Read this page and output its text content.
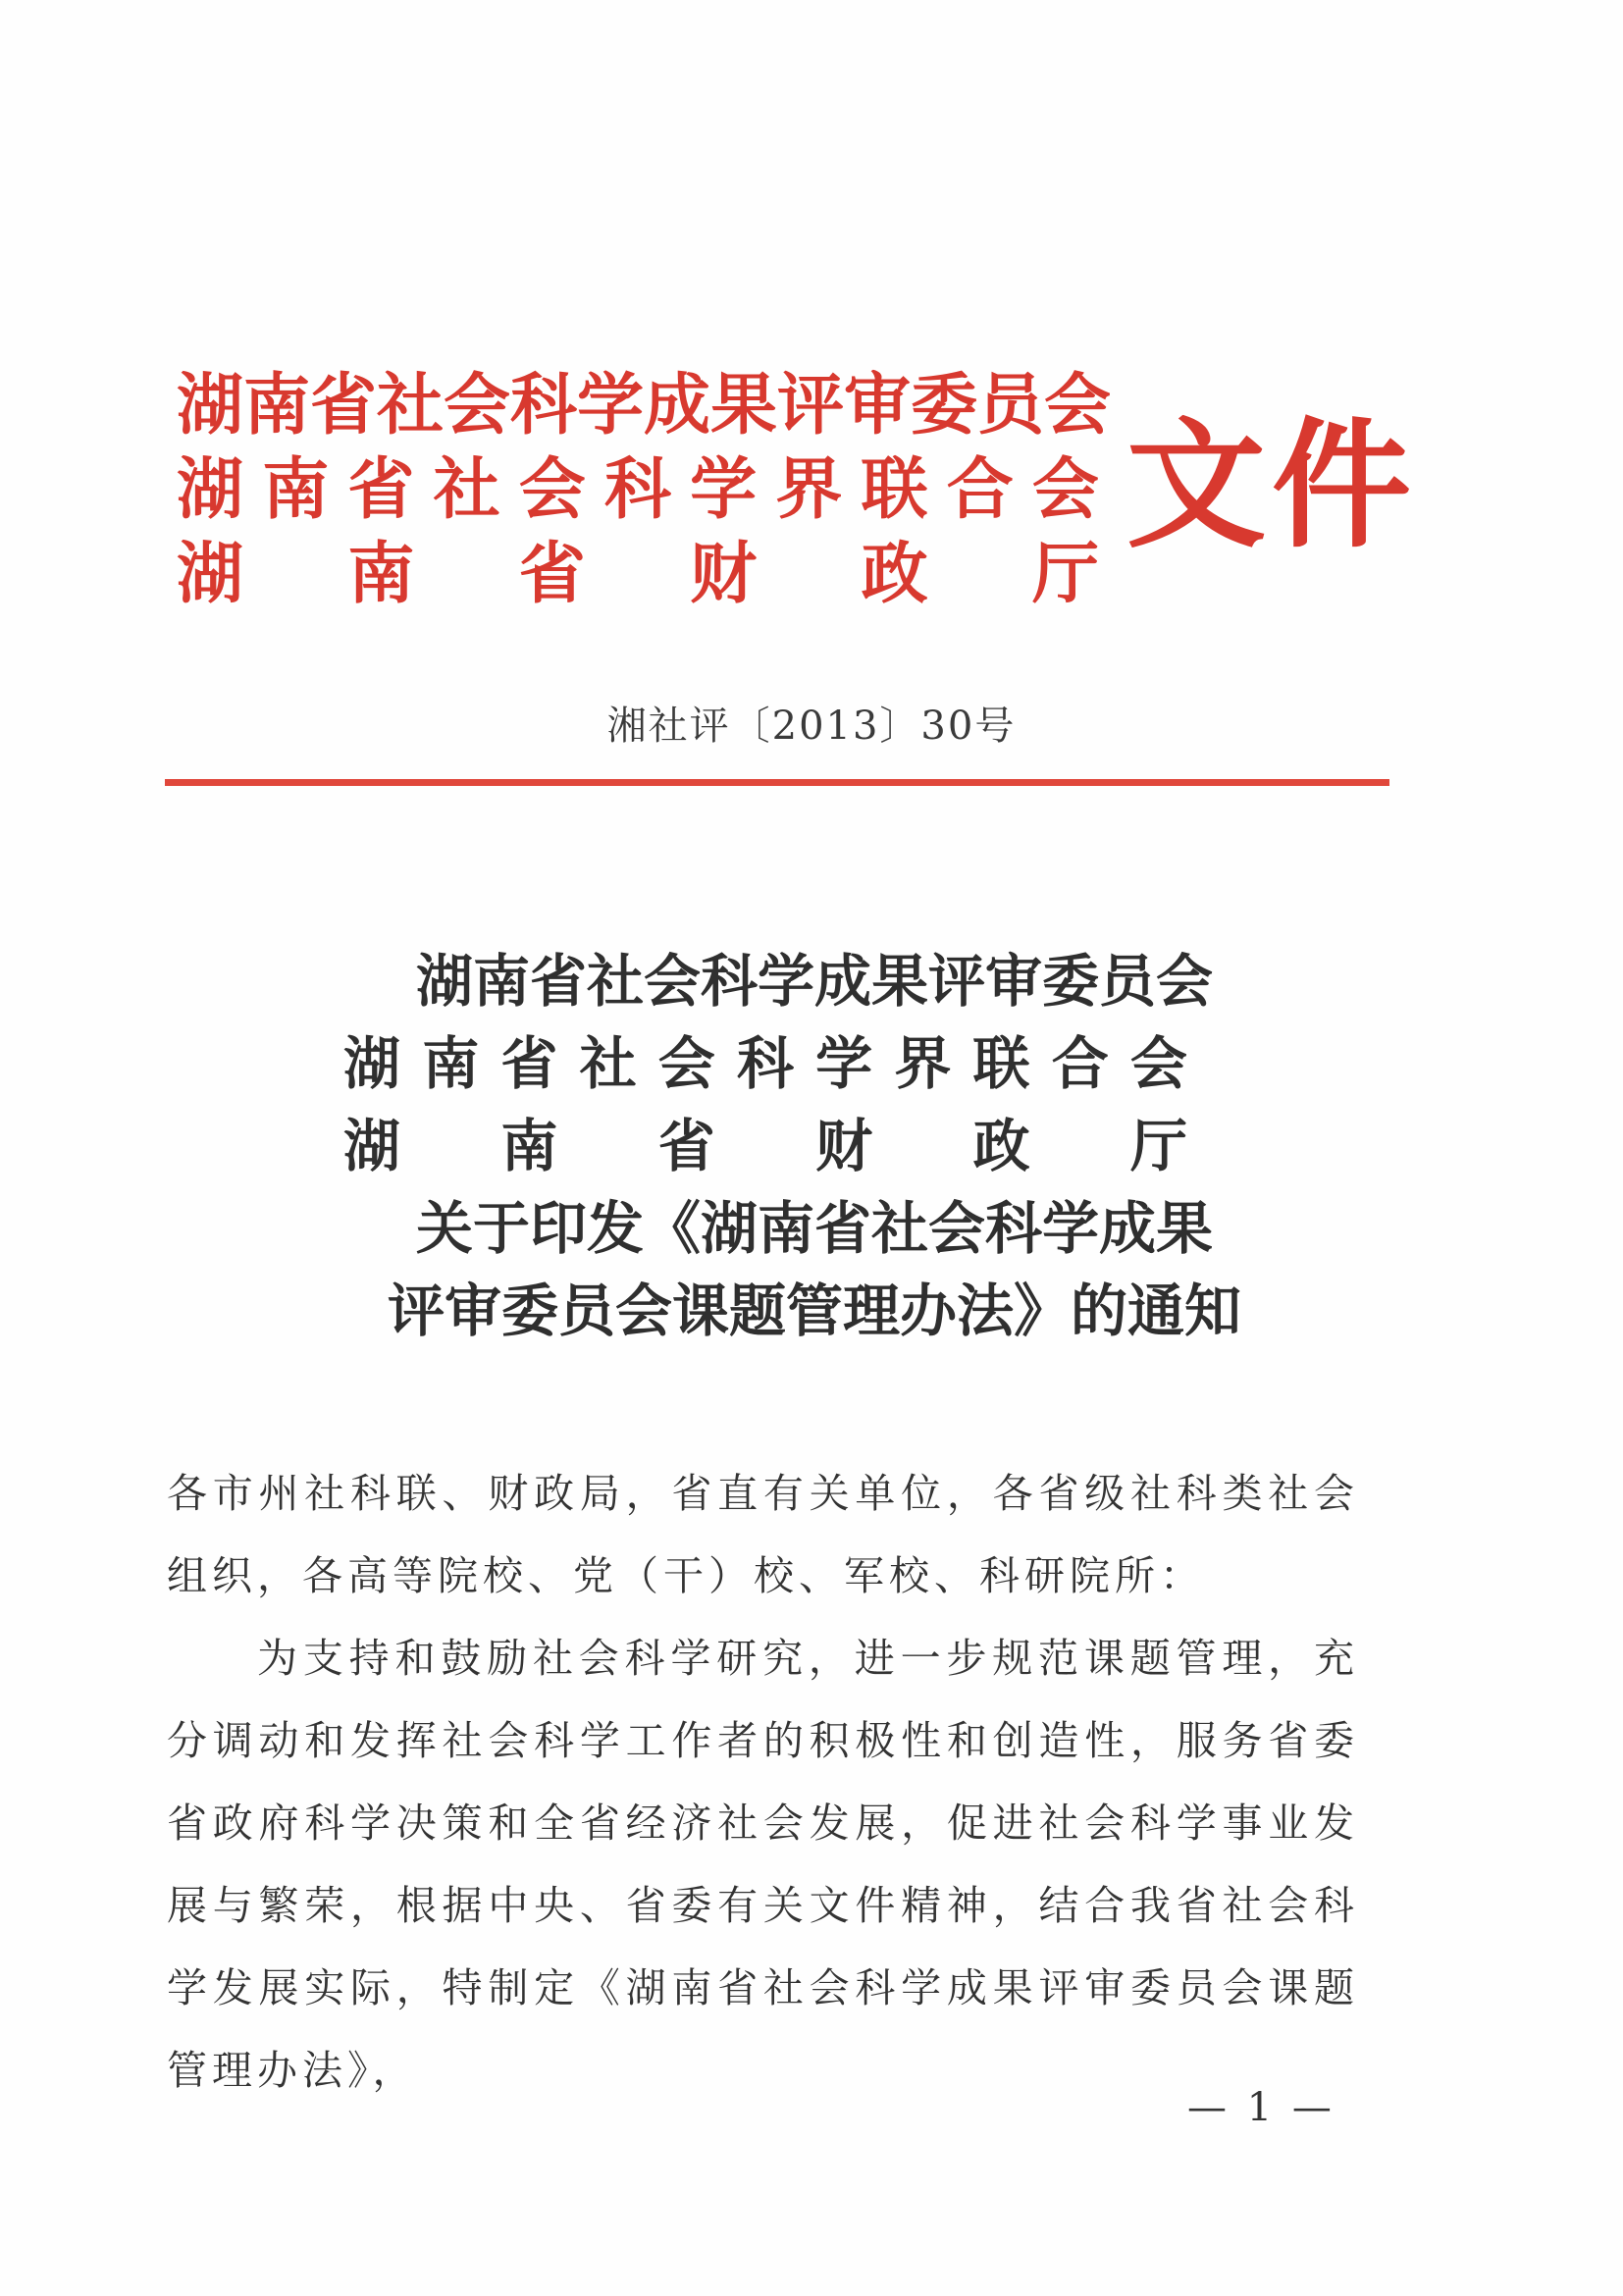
湖南省社会科学成果评审委员会
湖 南 省 社 会 科 学 界 联 合 会
湖 南 省 财 政 厅
文件
湘社评〔2013〕30号
湖南省社会科学成果评审委员会
湖 南 省 社 会 科 学 界 联 合 会
湖 南 省 财 政 厅
关于印发《湖南省社会科学成果
评审委员会课题管理办法》的通知

各市州社科联、财政局，省直有关单位，各省级社科类社会组织，各高等院校、党（干）校、军校、科研院所：

为支持和鼓励社会科学研究，进一步规范课题管理，充分调动和发挥社会科学工作者的积极性和创造性，服务省委省政府科学决策和全省经济社会发展，促进社会科学事业发展与繁荣，根据中央、省委有关文件精神，结合我省社会科学发展实际，特制定《湖南省社会科学成果评审委员会课题管理办法》，

— 1 —
